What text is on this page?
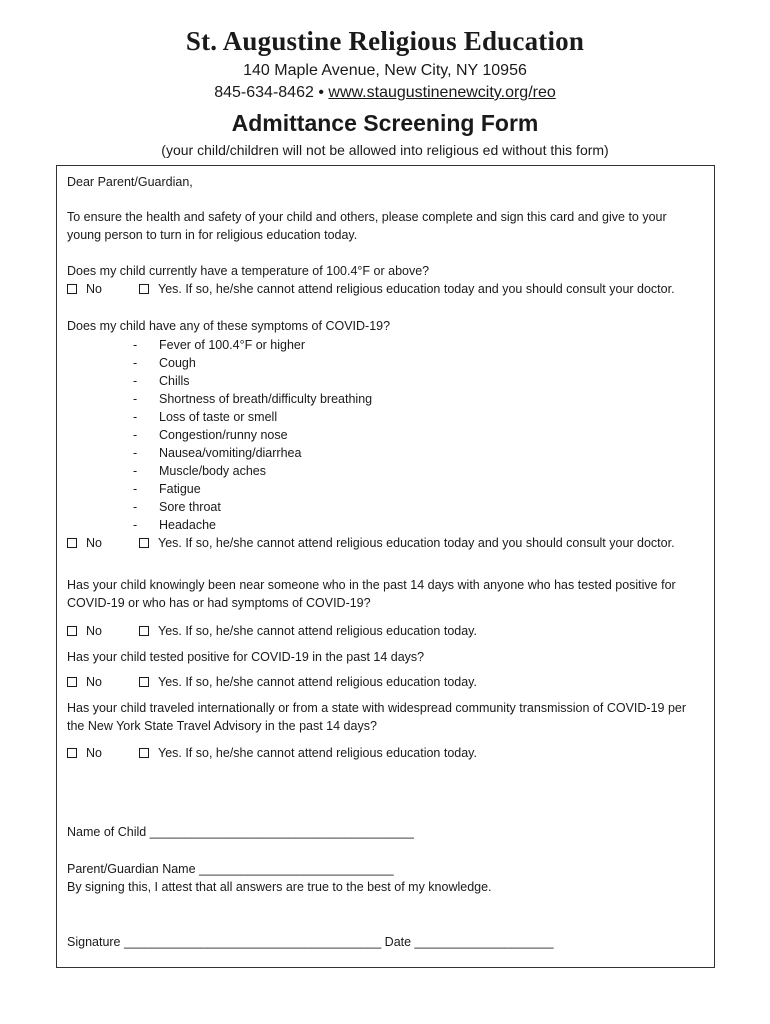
St. Augustine Religious Education
140 Maple Avenue, New City, NY 10956
845-634-8462 • www.staugustinenewcity.org/reo
Admittance Screening Form
(your child/children will not be allowed into religious ed without this form)
Dear Parent/Guardian,
To ensure the health and safety of your child and others, please complete and sign this card and give to your young person to turn in for religious education today.
Does my child currently have a temperature of 100.4°F or above?
No	Yes. If so, he/she cannot attend religious education today and you should consult your doctor.
Does my child have any of these symptoms of COVID-19?
- Fever of 100.4°F or higher
- Cough
- Chills
- Shortness of breath/difficulty breathing
- Loss of taste or smell
- Congestion/runny nose
- Nausea/vomiting/diarrhea
- Muscle/body aches
- Fatigue
- Sore throat
- Headache
No	Yes. If so, he/she cannot attend religious education today and you should consult your doctor.
Has your child knowingly been near someone who in the past 14 days with anyone who has tested positive for COVID-19 or who has or had symptoms of COVID-19?
No	Yes. If so, he/she cannot attend religious education today.
Has your child tested positive for COVID-19 in the past 14 days?
No	Yes. If so, he/she cannot attend religious education today.
Has your child traveled internationally or from a state with widespread community transmission of COVID-19 per the New York State Travel Advisory in the past 14 days?
No	Yes. If so, he/she cannot attend religious education today.
Name of Child ______________________________________
Parent/Guardian Name ____________________________
By signing this, I attest that all answers are true to the best of my knowledge.
Signature _____________________________________ Date ____________________
